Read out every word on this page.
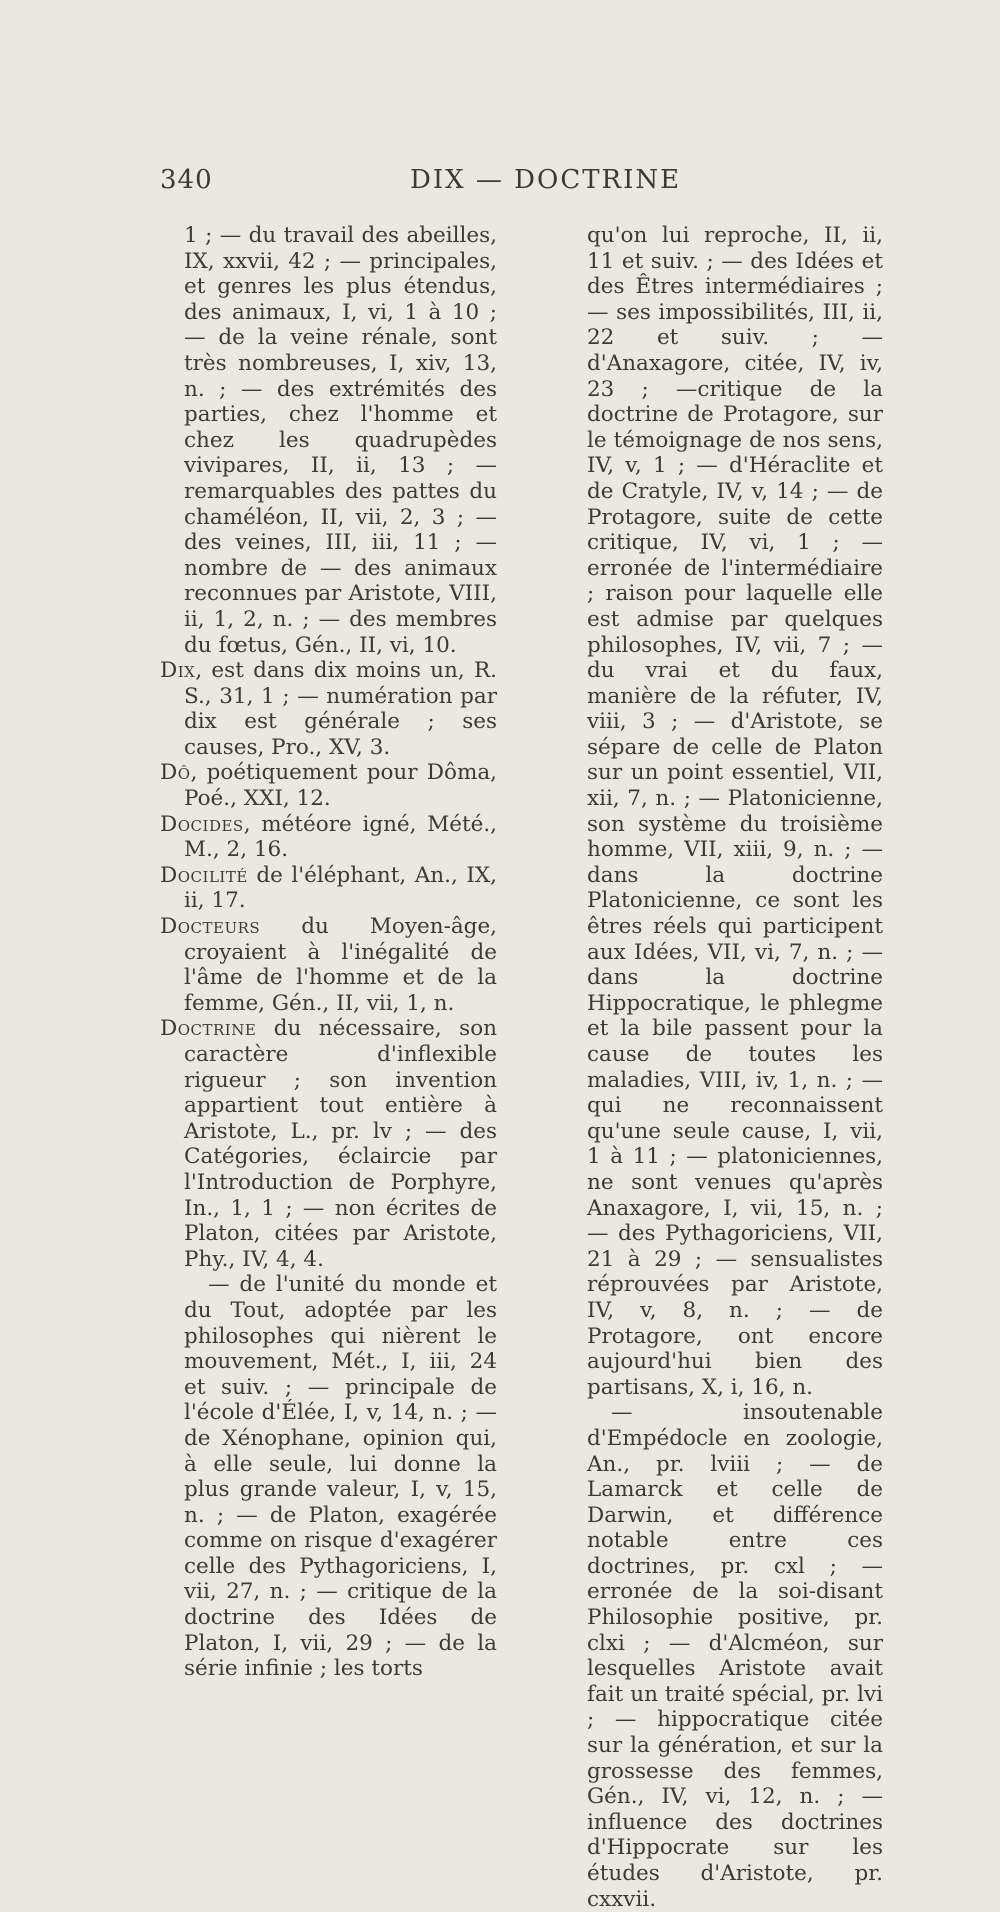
340	DIX — DOCTRINE

1 ; — du travail des abeilles, IX, xxvii, 42 ; — principales, et genres les plus étendus, des animaux, I, vi, 1 à 10 ; — de la veine rénale, sont très nombreuses, I, xiv, 13, n. ; — des extrémités des parties, chez l'homme et chez les quadrupèdes vivipares, II, ii, 13 ; — remarquables des pattes du chaméléon, II, vii, 2, 3 ; — des veines, III, iii, 11 ; — nombre de — des animaux reconnues par Aristote, VIII, ii, 1, 2, n. ; — des membres du fœtus, Gén., II, vi, 10.

Dix, est dans dix moins un, R. S., 31, 1 ; — numération par dix est générale ; ses causes, Pro., XV, 3.

Dô, poétiquement pour Dôma, Poé., XXI, 12.

Docides, météore igné, Mété., M., 2, 16.

Docilité de l'éléphant, An., IX, ii, 17.

Docteurs du Moyen-âge, croyaient à l'inégalité de l'âme de l'homme et de la femme, Gén., II, vii, 1, n.

Doctrine du nécessaire, son caractère d'inflexible rigueur ; son invention appartient tout entière à Aristote, L., pr. lv ; — des Catégories, éclaircie par l'Introduction de Porphyre, In., 1, 1 ; — non écrites de Platon, citées par Aristote, Phy., IV, 4, 4.

— de l'unité du monde et du Tout, adoptée par les philosophes qui nièrent le mouvement, Mét., I, iii, 24 et suiv. ; — principale de l'école d'Élée, I, v, 14, n. ; — de Xénophane, opinion qui, à elle seule, lui donne la plus grande valeur, I, v, 15, n. ; — de Platon, exagérée comme on risque d'exagérer celle des Pythagoriciens, I, vii, 27, n. ; — critique de la doctrine des Idées de Platon, I, vii, 29 ; — de la série infinie ; les torts

qu'on lui reproche, II, ii, 11 et suiv. ; — des Idées et des Êtres intermédiaires ; — ses impossibilités, III, ii, 22 et suiv. ; — d'Anaxagore, citée, IV, iv, 23 ; —critique de la doctrine de Protagore, sur le témoignage de nos sens, IV, v, 1 ; — d'Héraclite et de Cratyle, IV, v, 14 ; — de Protagore, suite de cette critique, IV, vi, 1 ; — erronée de l'intermédiaire ; raison pour laquelle elle est admise par quelques philosophes, IV, vii, 7 ; — du vrai et du faux, manière de la réfuter, IV, viii, 3 ; — d'Aristote, se sépare de celle de Platon sur un point essentiel, VII, xii, 7, n. ; — Platonicienne, son système du troisième homme, VII, xiii, 9, n. ; — dans la doctrine Platonicienne, ce sont les êtres réels qui participent aux Idées, VII, vi, 7, n. ; — dans la doctrine Hippocratique, le phlegme et la bile passent pour la cause de toutes les maladies, VIII, iv, 1, n. ; — qui ne reconnaissent qu'une seule cause, I, vii, 1 à 11 ; — platoniciennes, ne sont venues qu'après Anaxagore, I, vii, 15, n. ; — des Pythagoriciens, VII, 21 à 29 ; — sensualistes réprouvées par Aristote, IV, v, 8, n. ; — de Protagore, ont encore aujourd'hui bien des partisans, X, i, 16, n.

— insoutenable d'Empédocle en zoologie, An., pr. lviii ; — de Lamarck et celle de Darwin, et différence notable entre ces doctrines, pr. cxl ; — erronée de la soi-disant Philosophie positive, pr. clxi ; — d'Alcméon, sur lesquelles Aristote avait fait un traité spécial, pr. lvi ; — hippocratique citée sur la génération, et sur la grossesse des femmes, Gén., IV, vi, 12, n. ; — influence des doctrines d'Hippocrate sur les études d'Aristote, pr. cxxvii.
